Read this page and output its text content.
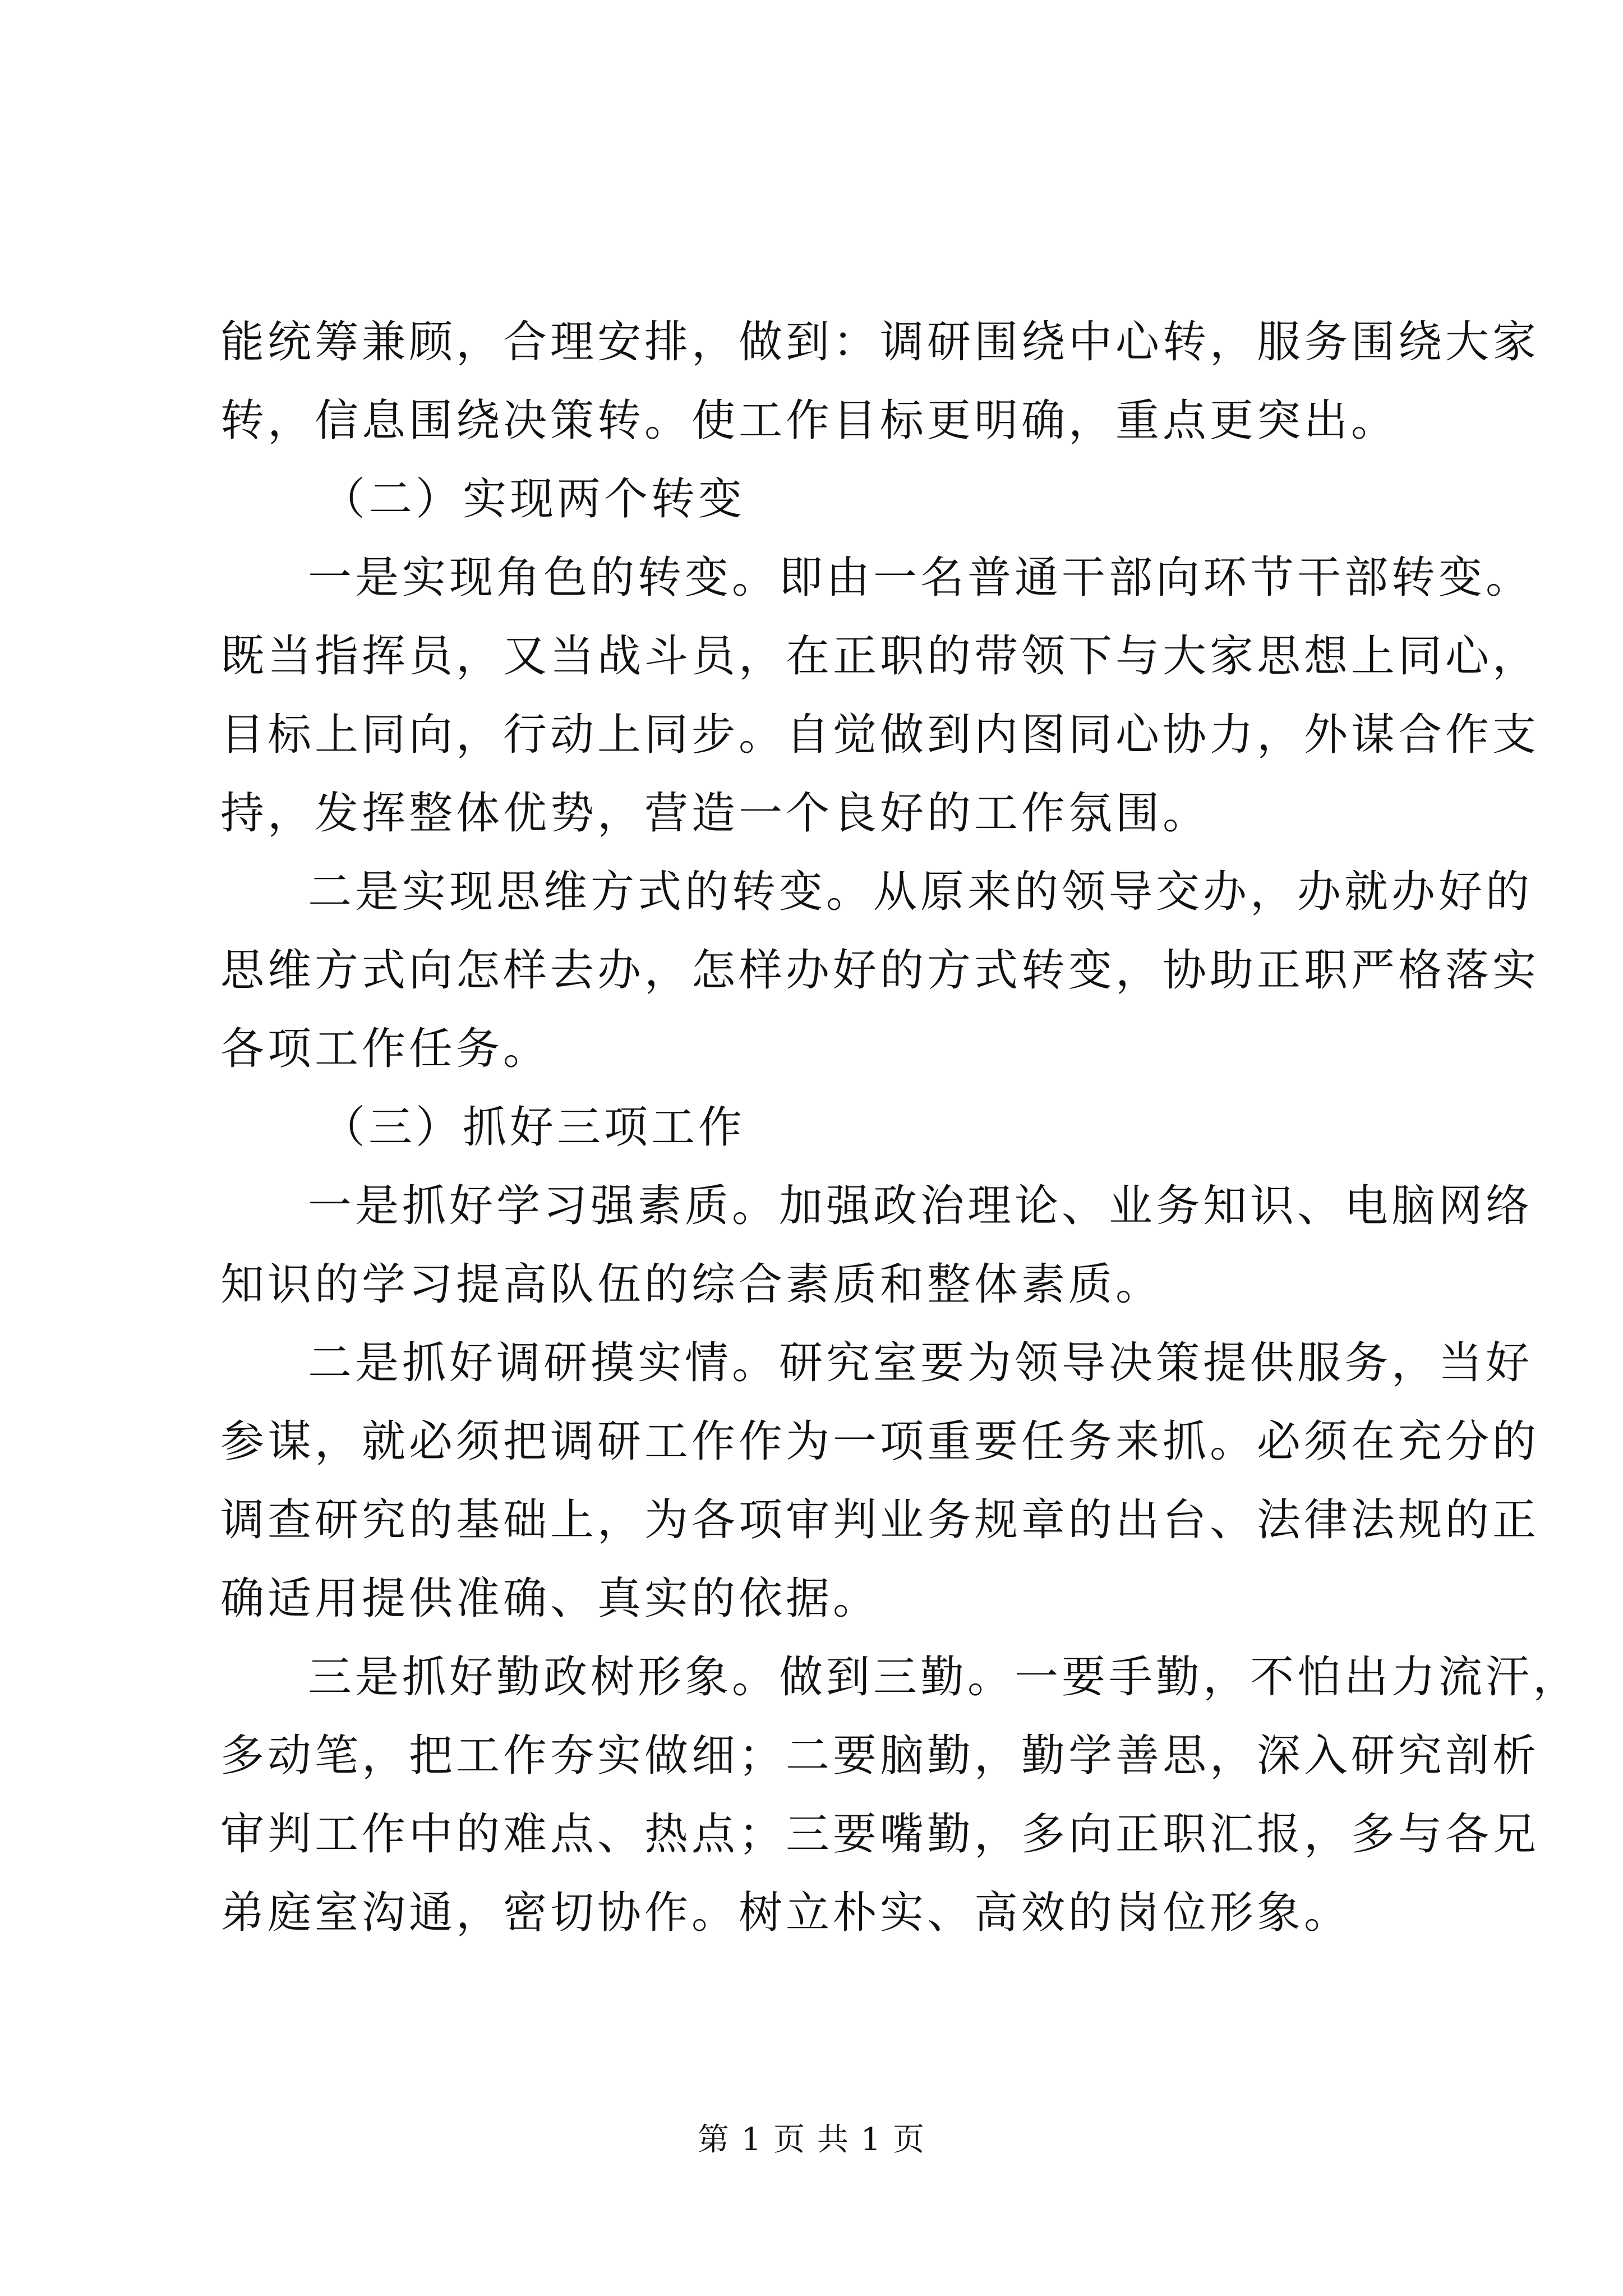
能统筹兼顾，合理安排，做到：调研围绕中心转，服务围绕大家
转，信息围绕决策转。使工作目标更明确，重点更突出。
（二）实现两个转变
一是实现角色的转变。即由一名普通干部向环节干部转变。
既当指挥员，又当战斗员，在正职的带领下与大家思想上同心，
目标上同向，行动上同步。自觉做到内图同心协力，外谋合作支
持，发挥整体优势，营造一个良好的工作氛围。
二是实现思维方式的转变。从原来的领导交办，办就办好的
思维方式向怎样去办，怎样办好的方式转变，协助正职严格落实
各项工作任务。
（三）抓好三项工作
一是抓好学习强素质。加强政治理论、业务知识、电脑网络
知识的学习提高队伍的综合素质和整体素质。
二是抓好调研摸实情。研究室要为领导决策提供服务，当好
参谋，就必须把调研工作作为一项重要任务来抓。必须在充分的
调查研究的基础上，为各项审判业务规章的出台、法律法规的正
确适用提供准确、真实的依据。
三是抓好勤政树形象。做到三勤。一要手勤，不怕出力流汗，
多动笔，把工作夯实做细；二要脑勤，勤学善思，深入研究剖析
审判工作中的难点、热点；三要嘴勤，多向正职汇报，多与各兄
弟庭室沟通，密切协作。树立朴实、高效的岗位形象。
第 1 页 共 1 页
